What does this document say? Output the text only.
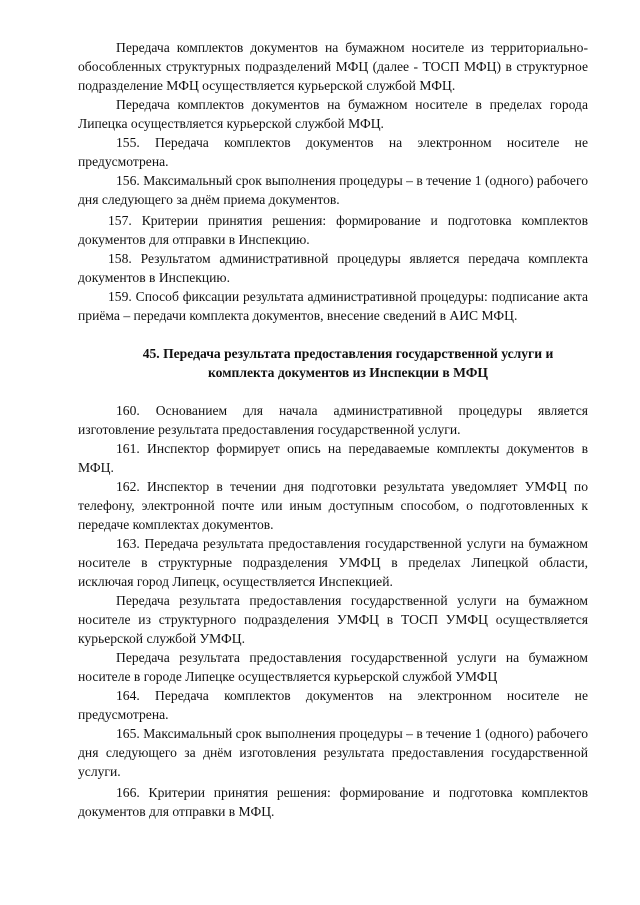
Передача комплектов документов на бумажном носителе из территориально-обособленных структурных подразделений МФЦ (далее - ТОСП МФЦ) в структурное подразделение МФЦ осуществляется курьерской службой МФЦ.

Передача комплектов документов на бумажном носителе в пределах города Липецка осуществляется курьерской службой МФЦ.

155. Передача комплектов документов на электронном носителе не предусмотрена.

156. Максимальный срок выполнения процедуры – в течение 1 (одного) рабочего дня следующего за днём приема документов.

157. Критерии принятия решения: формирование и подготовка комплектов документов для отправки в Инспекцию.

158. Результатом административной процедуры является передача комплекта документов в Инспекцию.

159. Способ фиксации результата административной процедуры: подписание акта приёма – передачи комплекта документов, внесение сведений в АИС МФЦ.

45. Передача результата предоставления государственной услуги и
комплекта документов из Инспекции в МФЦ

160. Основанием для начала административной процедуры является изготовление результата предоставления государственной услуги.

161. Инспектор формирует опись на передаваемые комплекты документов в МФЦ.

162. Инспектор в течении дня подготовки результата уведомляет УМФЦ по телефону, электронной почте или иным доступным способом, о подготовленных к передаче комплектах документов.

163. Передача результата предоставления государственной услуги на бумажном носителе в структурные подразделения УМФЦ в пределах Липецкой области, исключая город Липецк, осуществляется Инспекцией.

Передача результата предоставления государственной услуги на бумажном носителе из структурного подразделения УМФЦ в ТОСП УМФЦ осуществляется курьерской службой УМФЦ.

Передача результата предоставления государственной услуги на бумажном носителе в городе Липецке осуществляется курьерской службой УМФЦ

164. Передача комплектов документов на электронном носителе не предусмотрена.

165. Максимальный срок выполнения процедуры – в течение 1 (одного) рабочего дня следующего за днём изготовления результата предоставления государственной услуги.

166. Критерии принятия решения: формирование и подготовка комплектов документов для отправки в МФЦ.
